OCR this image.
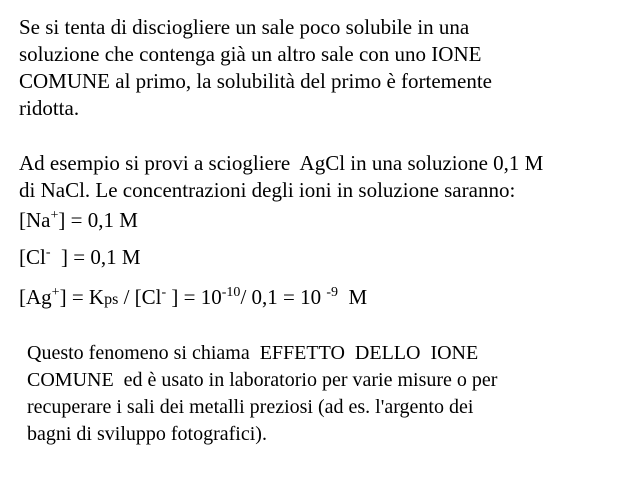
Se si tenta di disciogliere un sale poco solubile in una
soluzione che contenga già un altro sale con uno IONE
COMUNE al primo, la solubilità del primo è fortemente
ridotta.
Ad esempio si provi a sciogliere  AgCl in una soluzione 0,1 M
di NaCl. Le concentrazioni degli ioni in soluzione saranno:
[Na+] = 0,1 M
[Cl-  ] = 0,1 M
[Ag+] = Kps / [Cl- ] = $10^{-10}/$ 0,1 = 10 $^{-9}$  M
Questo fenomeno si chiama  EFFETTO  DELLO  IONE
COMUNE  ed è usato in laboratorio per varie misure o per
recuperare i sali dei metalli preziosi (ad es. l'argento dei
bagni di sviluppo fotografici).
